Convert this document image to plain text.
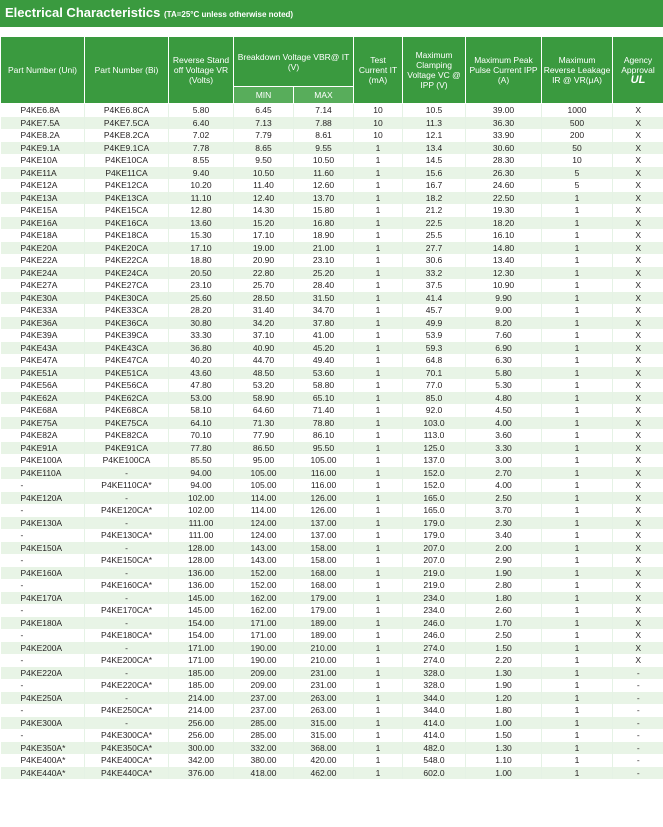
Electrical Characteristics (TA=25°C unless otherwise noted)
Part Number (Uni)	Part Number (Bi)	Reverse Stand off Voltage VR (Volts)	Breakdown Voltage VBR@ IT (V)		Test Current IT (mA)	Maximum Clamping Voltage VC @ IPP (V)	Maximum Peak Pulse Current IPP (A)	Maximum Reverse Leakage IR @ VR(μA)	Agency Approval
UL

			MIN	MAX					
P4KE6.8A	P4KE6.8CA	5.80	6.45	7.14	10	10.5	39.00	1000	X
P4KE7.5A	P4KE7.5CA	6.40	7.13	7.88	10	11.3	36.30	500	X
P4KE8.2A	P4KE8.2CA	7.02	7.79	8.61	10	12.1	33.90	200	X
P4KE9.1A	P4KE9.1CA	7.78	8.65	9.55	1	13.4	30.60	50	X
P4KE10A	P4KE10CA	8.55	9.50	10.50	1	14.5	28.30	10	X
P4KE11A	P4KE11CA	9.40	10.50	11.60	1	15.6	26.30	5	X
P4KE12A	P4KE12CA	10.20	11.40	12.60	1	16.7	24.60	5	X
P4KE13A	P4KE13CA	11.10	12.40	13.70	1	18.2	22.50	1	X
P4KE15A	P4KE15CA	12.80	14.30	15.80	1	21.2	19.30	1	X
P4KE16A	P4KE16CA	13.60	15.20	16.80	1	22.5	18.20	1	X
P4KE18A	P4KE18CA	15.30	17.10	18.90	1	25.5	16.10	1	X
P4KE20A	P4KE20CA	17.10	19.00	21.00	1	27.7	14.80	1	X
P4KE22A	P4KE22CA	18.80	20.90	23.10	1	30.6	13.40	1	X
P4KE24A	P4KE24CA	20.50	22.80	25.20	1	33.2	12.30	1	X
P4KE27A	P4KE27CA	23.10	25.70	28.40	1	37.5	10.90	1	X
P4KE30A	P4KE30CA	25.60	28.50	31.50	1	41.4	9.90	1	X
P4KE33A	P4KE33CA	28.20	31.40	34.70	1	45.7	9.00	1	X
P4KE36A	P4KE36CA	30.80	34.20	37.80	1	49.9	8.20	1	X
P4KE39A	P4KE39CA	33.30	37.10	41.00	1	53.9	7.60	1	X
P4KE43A	P4KE43CA	36.80	40.90	45.20	1	59.3	6.90	1	X
P4KE47A	P4KE47CA	40.20	44.70	49.40	1	64.8	6.30	1	X
P4KE51A	P4KE51CA	43.60	48.50	53.60	1	70.1	5.80	1	X
P4KE56A	P4KE56CA	47.80	53.20	58.80	1	77.0	5.30	1	X
P4KE62A	P4KE62CA	53.00	58.90	65.10	1	85.0	4.80	1	X
P4KE68A	P4KE68CA	58.10	64.60	71.40	1	92.0	4.50	1	X
P4KE75A	P4KE75CA	64.10	71.30	78.80	1	103.0	4.00	1	X
P4KE82A	P4KE82CA	70.10	77.90	86.10	1	113.0	3.60	1	X
P4KE91A	P4KE91CA	77.80	86.50	95.50	1	125.0	3.30	1	X
P4KE100A	P4KE100CA	85.50	95.00	105.00	1	137.0	3.00	1	X
P4KE110A	-	94.00	105.00	116.00	1	152.0	2.70	1	X
-	P4KE110CA*	94.00	105.00	116.00	1	152.0	4.00	1	X
P4KE120A	-	102.00	114.00	126.00	1	165.0	2.50	1	X
-	P4KE120CA*	102.00	114.00	126.00	1	165.0	3.70	1	X
P4KE130A	-	111.00	124.00	137.00	1	179.0	2.30	1	X
-	P4KE130CA*	111.00	124.00	137.00	1	179.0	3.40	1	X
P4KE150A	-	128.00	143.00	158.00	1	207.0	2.00	1	X
-	P4KE150CA*	128.00	143.00	158.00	1	207.0	2.90	1	X
P4KE160A	-	136.00	152.00	168.00	1	219.0	1.90	1	X
-	P4KE160CA*	136.00	152.00	168.00	1	219.0	2.80	1	X
P4KE170A	-	145.00	162.00	179.00	1	234.0	1.80	1	X
-	P4KE170CA*	145.00	162.00	179.00	1	234.0	2.60	1	X
P4KE180A	-	154.00	171.00	189.00	1	246.0	1.70	1	X
-	P4KE180CA*	154.00	171.00	189.00	1	246.0	2.50	1	X
P4KE200A	-	171.00	190.00	210.00	1	274.0	1.50	1	X
-	P4KE200CA*	171.00	190.00	210.00	1	274.0	2.20	1	X
P4KE220A	-	185.00	209.00	231.00	1	328.0	1.30	1	-
-	P4KE220CA*	185.00	209.00	231.00	1	328.0	1.90	1	-
P4KE250A	-	214.00	237.00	263.00	1	344.0	1.20	1	-
-	P4KE250CA*	214.00	237.00	263.00	1	344.0	1.80	1	-
P4KE300A	-	256.00	285.00	315.00	1	414.0	1.00	1	-
-	P4KE300CA*	256.00	285.00	315.00	1	414.0	1.50	1	-
P4KE350A*	P4KE350CA*	300.00	332.00	368.00	1	482.0	1.30	1	-
P4KE400A*	P4KE400CA*	342.00	380.00	420.00	1	548.0	1.10	1	-
P4KE440A*	P4KE440CA*	376.00	418.00	462.00	1	602.0	1.00	1	-
